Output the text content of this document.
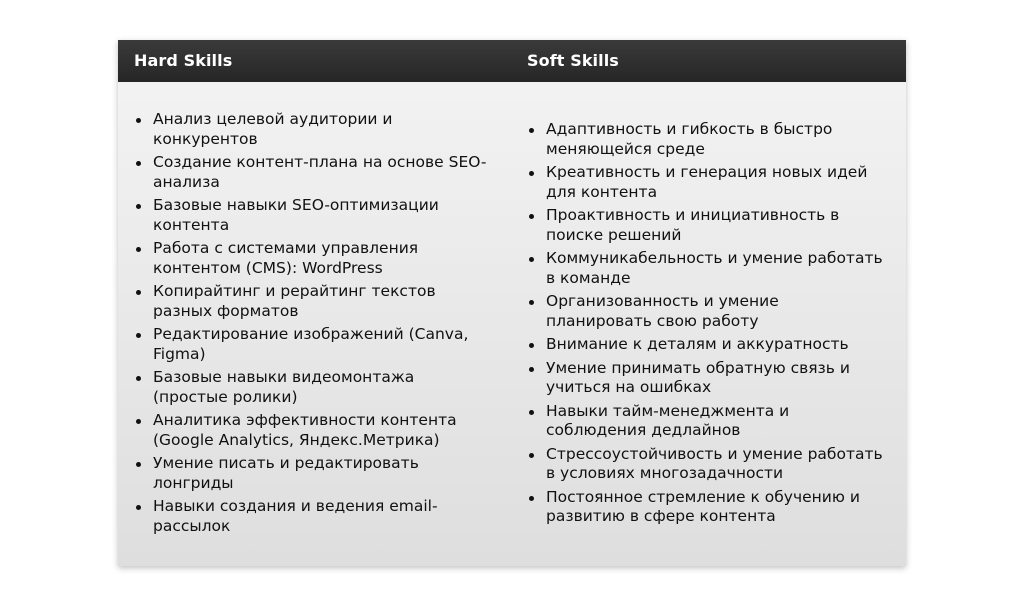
Hard Skills	Soft Skills
Анализ целевой аудитории и конкурентов
Создание контент-плана на основе SEO-анализа
Базовые навыки SEO-оптимизации контента
Работа с системами управления контентом (CMS): WordPress
Копирайтинг и рерайтинг текстов разных форматов
Редактирование изображений (Canva, Figma)
Базовые навыки видеомонтажа (простые ролики)
Аналитика эффективности контента (Google Analytics, Яндекс.Метрика)
Умение писать и редактировать лонгриды
Навыки создания и ведения email-рассылок
Адаптивность и гибкость в быстро меняющейся среде
Креативность и генерация новых идей для контента
Проактивность и инициативность в поиске решений
Коммуникабельность и умение работать в команде
Организованность и умение планировать свою работу
Внимание к деталям и аккуратность
Умение принимать обратную связь и учиться на ошибках
Навыки тайм-менеджмента и соблюдения дедлайнов
Стрессоустойчивость и умение работать в условиях многозадачности
Постоянное стремление к обучению и развитию в сфере контента
